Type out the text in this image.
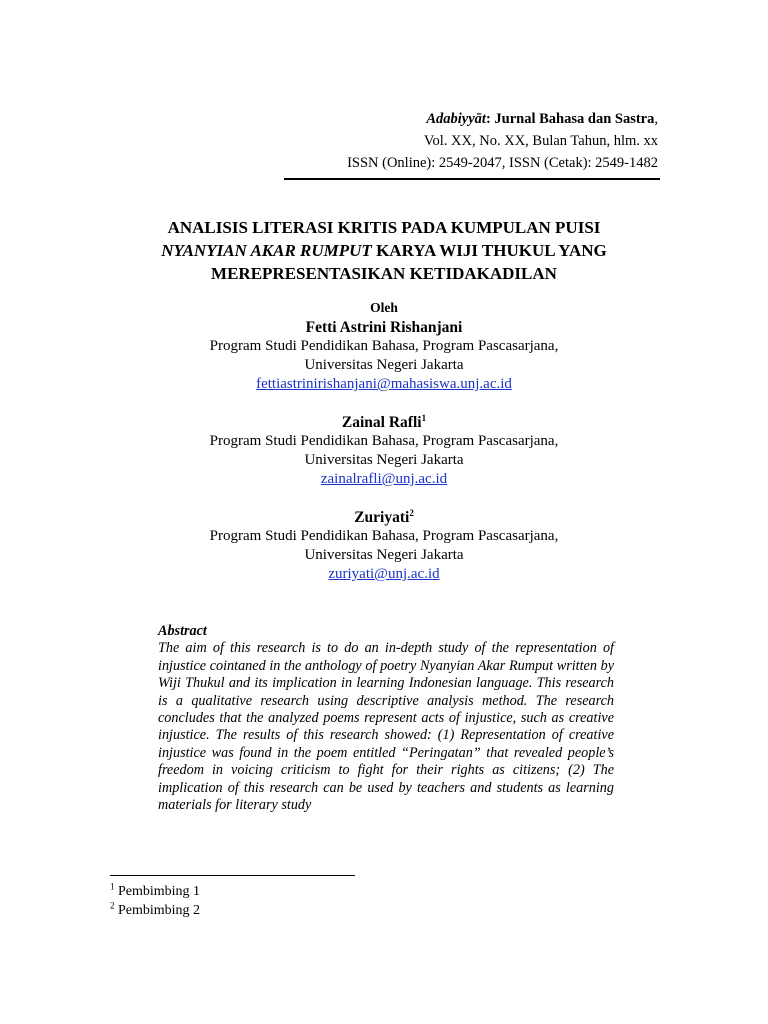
Adabiyyāt: Jurnal Bahasa dan Sastra,
Vol. XX, No. XX, Bulan Tahun, hlm. xx
ISSN (Online): 2549-2047, ISSN (Cetak): 2549-1482
ANALISIS LITERASI KRITIS PADA KUMPULAN PUISI
NYANYIAN AKAR RUMPUT KARYA WIJI THUKUL YANG
MEREPRESENTASIKAN KETIDAKADILAN
Oleh
Fetti Astrini Rishanjani
Program Studi Pendidikan Bahasa, Program Pascasarjana,
Universitas Negeri Jakarta
fettiastrinirishanjani@mahasiswa.unj.ac.id
Zainal Rafli$^1$
Program Studi Pendidikan Bahasa, Program Pascasarjana,
Universitas Negeri Jakarta
zainalrafli@unj.ac.id
Zuriyati$^2$
Program Studi Pendidikan Bahasa, Program Pascasarjana,
Universitas Negeri Jakarta
zuriyati@unj.ac.id
Abstract
The aim of this research is to do an in-depth study of the representation of injustice cointaned in the anthology of poetry Nyanyian Akar Rumput written by Wiji Thukul and its implication in learning Indonesian language. This research is a qualitative research using descriptive analysis method. The research concludes that the analyzed poems represent acts of injustice, such as creative injustice. The results of this research showed: (1) Representation of creative injustice was found in the poem entitled “Peringatan” that revealed people’s freedom in voicing criticism to fight for their rights as citizens; (2) The implication of this research can be used by teachers and students as learning materials for literary study
$^1$ Pembimbing 1
$^2$ Pembimbing 2
